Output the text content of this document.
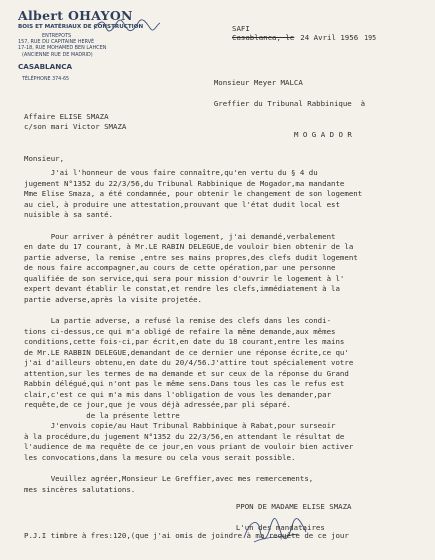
Albert OHAYON
BOIS ET MATÉRIAUX DE CONSTRUCTION
ENTREPOTS
157, RUE DU CAPITAINE HERVÉ
17-18, RUE MOHAMED BEN LAHCEN
(ANCIENNE RUE DE MADRID)
CASABLANCA
TÉLÉPHONE 374-65
SAFI
Casablanca, le 24 Avril 1956 195

Monsieur Meyer MALCA

Greffier du Tribunal Rabbinique  à

M O G A D O R

Affaire ELISE SMAZA
c/son mari Victor SMAZA
Monsieur,

J'ai l'honneur de vous faire connaître,qu'en vertu du § 4 du
jugement N°1352 du 22/3/56,du Tribunal Rabbinique de Mogador,ma mandante
Mme Elise Smaza, a été condamnée, pour obtenir le changement de son logement
au ciel, à produire une attestation,prouvant que l'état dudit local est
nuisible à sa santé.

Pour arriver à pénétrer audit logement, j'ai demandé,verbalement
en date du 17 courant, à Mr.LE RABIN DELEGUE,de vouloir bien obtenir de la
partie adverse, la remise ,entre ses mains propres,des clefs dudit logement
de nous faire accompagner,au cours de cette opération,par une personne
qualifiée de son service,qui sera pour mission d'ouvrir le logement à l'
expert devant établir le constat,et rendre les clefs,immédiatement à la
partie adverse,après la visite projetée.

La partie adverse, a refusé la remise des clefs dans les condi-
tions ci-dessus,ce qui m'a obligé de refaire la même demande,aux mêmes
conditions,cette fois-ci,par écrit,en date du 18 courant,entre les mains
de Mr.LE RABBIN DELEGUE,demandant de ce dernier une réponse écrite,ce qu'
j'ai d'ailleurs obtenu,en date du 20/4/56.J'attire tout spécialement votre
attention,sur les termes de ma demande et sur ceux de la réponse du Grand
Rabbin délégué,qui n'ont pas le même sens.Dans tous les cas le refus est
clair,c'est ce qui m'a mis dans l'obligation de vous les demander,par
requête,de ce jour,que je vous déjà adressée,par pli séparé.
de la présente lettre

J'envois copie/au Haut Tribunal Rabbinique à Rabat,pour surseoir
à la procédure,du jugement N°1352 du 22/3/56,en attendant le résultat de
l'audience de ma requête de ce jour,en vous priant de vouloir bien activer
les convocations,dans la mesure ou cela vous serait possible.

Veuillez agréer,Monsieur Le Greffier,avec mes remercements,
mes sincères salutations.

PPON DE MADAME ELISE SMAZA

L'un des mandataires

P.J.I timbre à fres:120,(que j'ai omis de joindre à ma requête de ce jour
